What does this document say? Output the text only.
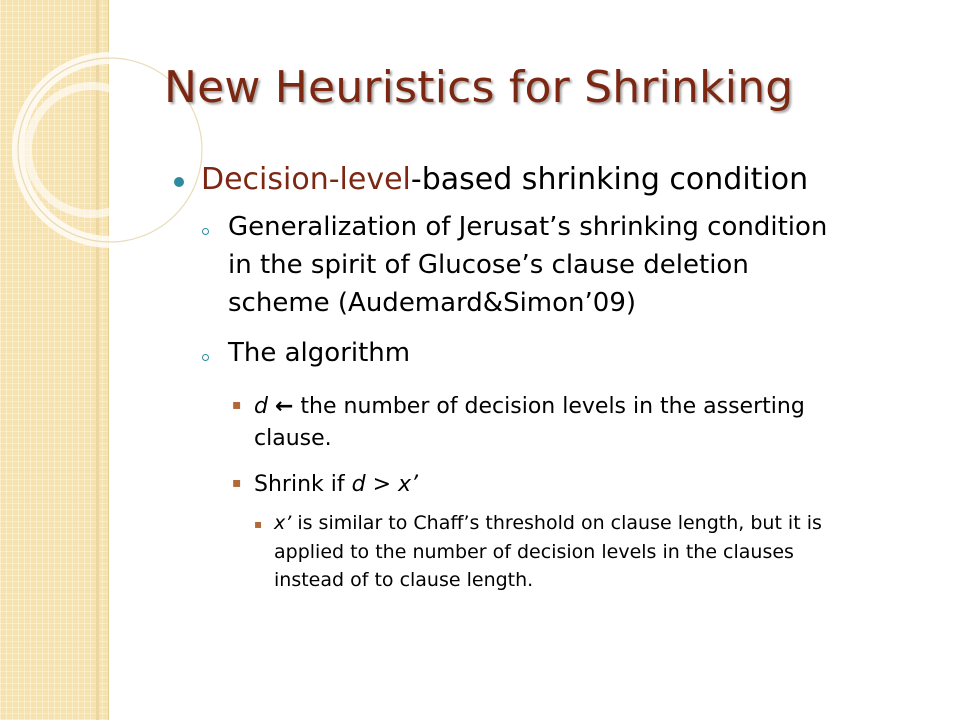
New Heuristics for Shrinking
Decision-level-based shrinking condition
Generalization of Jerusat’s shrinking condition
in the spirit of Glucose’s clause deletion
scheme (Audemard&Simon’09)
The algorithm
▪ d ← the number of decision levels in the asserting
clause.
▪ Shrink if d > x’
▪ x’ is similar to Chaff’s threshold on clause length, but it is
applied to the number of decision levels in the clauses
instead of to clause length.
